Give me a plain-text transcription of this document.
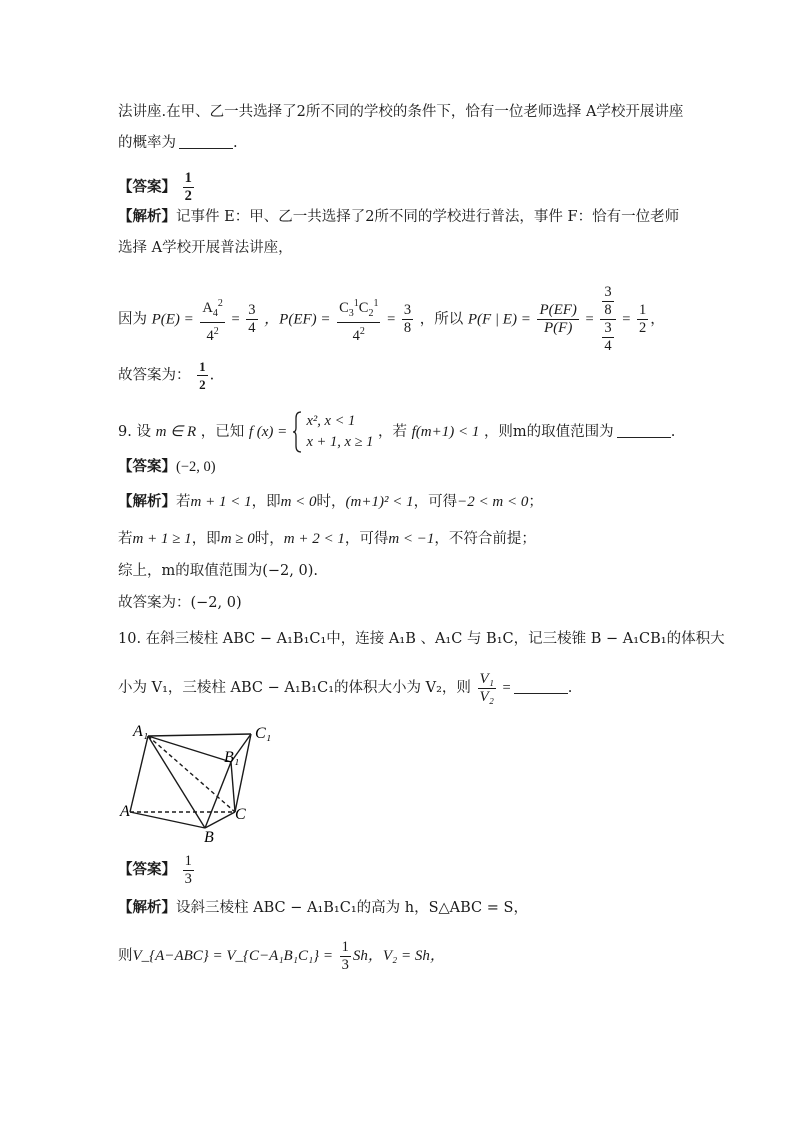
法讲座.在甲、乙一共选择了2所不同的学校的条件下，恰有一位老师选择 A学校开展讲座
的概率为	.
【答案】 $\frac{1}{2}$
【解析】记事件 E：甲、乙一共选择了2所不同的学校进行普法，事件 F：恰有一位老师
选择 A学校开展普法讲座，
因为 $P(E) = \frac{A_4^2}{4^2} = \frac{3}{4}$ ，$P(EF) = \frac{C_3^1C_2^1}{4^2} = \frac{3}{8}$ ，所以 P(F | $E) = \frac{P(EF)}{P(F)} = \frac{\frac{3}{8}}{\frac{3}{4}} = \frac{1}{2}$ ，
故答案为： $\frac{1}{2}$ .
9. 设 m ∈ R ，已知 f (x) =
x², x < 1
x + 1, x ≥ 1
，若 f(m+1) < 1 ，则m的取值范围为	.
【答案】(−2, 0)
【解析】若m + 1 < 1，即m < 0时，(m+1)² < 1，可得−2 < m < 0；
若m + 1 ≥ 1，即m ≥ 0时，m + 2 < 1，可得m < −1，不符合前提；
综上，m的取值范围为(−2, 0).
故答案为：(−2, 0)
10. 在斜三棱柱 ABC − A₁B₁C₁中，连接 A₁B 、A₁C 与 B₁C，记三棱锥 B − A₁CB₁的体积大
小为 V₁，三棱柱 ABC − A₁B₁C₁的体积大小为 V₂，则 $\frac{\text{V₁}}{\text{V₂}}$ =	.
A₁	C₁
B₁
A
B
C
【答案】 $\frac{1}{3}$
【解析】设斜三棱柱 ABC − A₁B₁C₁的高为 h，S△ABC = S，
则V_{A−ABC} = V_{C−A₁B₁C₁} = $\frac{1}{3}$ Sh，V₂ = Sh，
